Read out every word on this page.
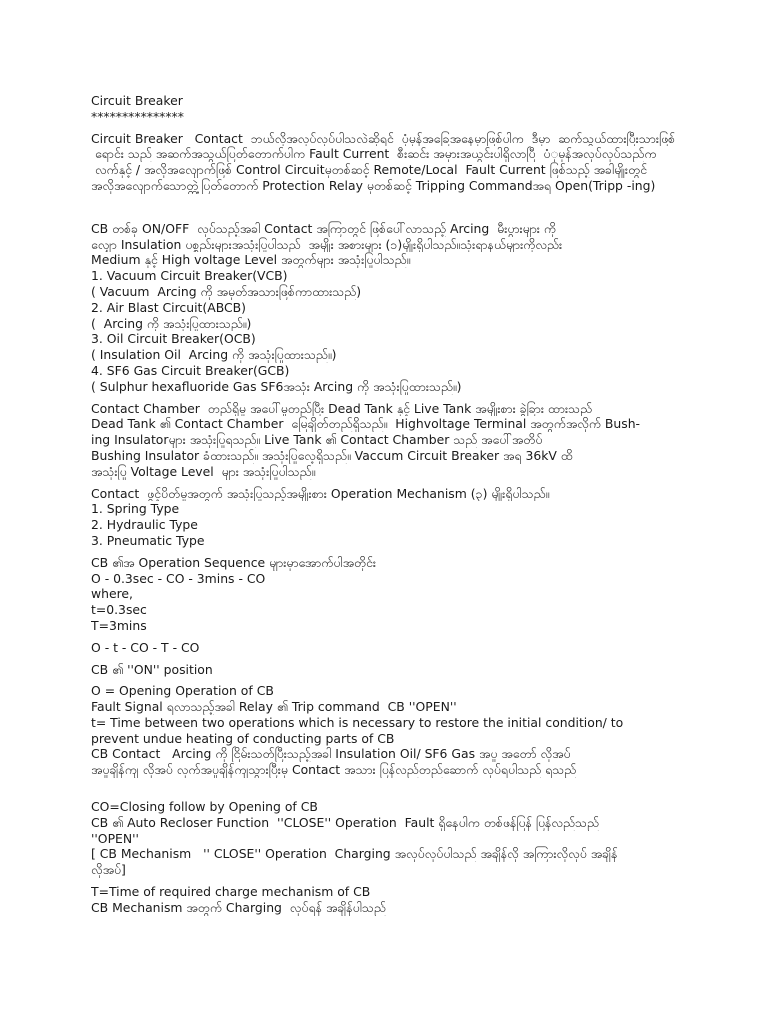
Circuit Breaker
***************
Circuit Breaker   Contact  ဘယ်လိုအလုပ်လုပ်ပါသလဲဆိုရင်  ပုံမှန်အခြေအနေမှာဖြစ်ပါက  ဒီမှာ  ဆက်သွယ်ထားပြီးသားဖြစ်
ရောင်း သည် အဆက်အသွယ်ပြတ်တောက်ပါက Fault Current  စီးဆင်း အမှားအယွင်းပါရှိလာပြီ  ပံုမှန်အလုပ်လုပ်သည်က
လက်နှင့် / အလိုအလျောက်ဖြစ် Control Circuitမှတစ်ဆင့် Remote/Local  Fault Current ဖြစ်သည့် အခါမျိုးတွင်
အလိုအလျောက်သောတ္တဲ့ပြတ်တောက် Protection Relay မှတစ်ဆင့် Tripping Commandအရ Open(Tripp -ing)
CB တစ်ခု ON/OFF  လုပ်သည့်အခါ Contact အကြာတွင် ဖြစ်ပေါ်လာသည့် Arcing  မီးပွားများ ကို
လျှော Insulation ပစ္စည်းများအသုံးပြုပါသည်  အမျိုး အစားများ (၁)မျိုးရှိပါသည်။သုံးရာနယ်များကိုလည်း
Medium နှင့် High voltage Level အတွက်များ အသုံးပြုပါသည်။
1. Vacuum Circuit Breaker(VCB)
( Vacuum  Arcing ကို အမှတ်အသားဖြစ်ကာထားသည်)
2. Air Blast Circuit(ABCB)
(  Arcing ကို အသုံးပြုထားသည်။)
3. Oil Circuit Breaker(OCB)
( Insulation Oil  Arcing ကို အသုံးပြုထားသည်။)
4. SF6 Gas Circuit Breaker(GCB)
( Sulphur hexafluoride Gas SF6အသုံး Arcing ကို အသုံးပြုထားသည်။)
Contact Chamber  တည်ရှိမှု အပေါ်မူတည်ပြီး Dead Tank နှင့် Live Tank အမျိုးစား ခွဲခြား ထားသည်
Dead Tank ၏ Contact Chamber  မြေချိတ်တည်ရှိသည်။  Highvoltage Terminal အတွက်အလိုက် Bush-
ing Insulatorများ အသုံးပြုရသည်။ Live Tank ၏ Contact Chamber သည် အပေါ်အတိပ်
Bushing Insulator ခံထားသည်။ အသုံးပြုလေ့ရှိသည်။ Vaccum Circuit Breaker အရ 36kV ထိ
အသုံးပြု Voltage Level  များ အသုံးပြုပါသည်။
Contact  ဖွင့်ပိတ်မှုအတွက် အသုံးပြုသည့်အမျိုးစား Operation Mechanism (၃) မျိုးရှိပါသည်။
1. Spring Type
2. Hydraulic Type
3. Pneumatic Type
CB ၏အ Operation Sequence များမှာအောက်ပါအတိုင်း
O - 0.3sec - CO - 3mins - CO
where,
t=0.3sec
T=3mins
O - t - CO - T - CO
CB ၏ ''ON'' position
O = Opening Operation of CB
Fault Signal ရလာသည့်အခါ Relay ၏ Trip command  CB ''OPEN''
t= Time between two operations which is necessary to restore the initial condition/ to
prevent undue heating of conducting parts of CB
CB Contact   Arcing ကို ငြိမ်းသတ်ပြီးသည့်အခါ Insulation Oil/ SF6 Gas အပူ အတော် လိုအပ်
အပူချိန်ကျ လိုအပ် လှက်အပူချိန်ကျသွားပြီးမှ Contact အသား ပြန်လည်တည်ဆောက် လုပ်ရပါသည် ရသည်
CO=Closing follow by Opening of CB
CB ၏ Auto Recloser Function  ''CLOSE'' Operation  Fault ရှိနေပါက တစ်ဖန်ပြန် ပြန်လည်သည်
''OPEN''
[ CB Mechanism   '' CLOSE'' Operation  Charging အလုပ်လုပ်ပါသည် အချိန်လို အကြားလိုလုပ် အချိန်
လိုအပ်]
T=Time of required charge mechanism of CB
CB Mechanism အတွက် Charging  လုပ်ရန် အချိန်ပါသည်
